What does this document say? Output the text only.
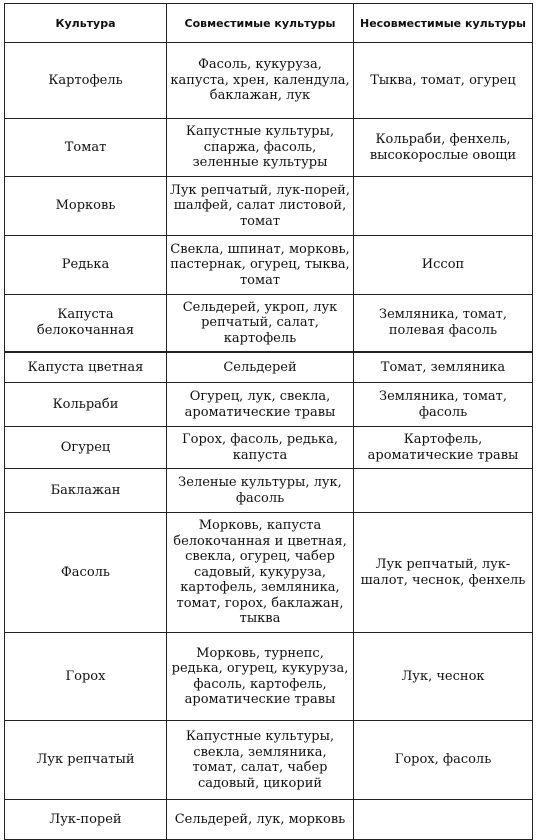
Культура	Совместимые культуры	Несовместимые культуры
Картофель	Фасоль, кукуруза, капуста, хрен, календула, баклажан, лук	Тыква, томат, огурец
Томат	Капустные культуры, спаржа, фасоль, зеленные культуры	Кольраби, фенхель, высокорослые овощи
Морковь	Лук репчатый, лук-порей, шалфей, салат листовой, томат	
Редька	Свекла, шпинат, морковь, пастернак, огурец, тыква, томат	Иссоп
Капуста белокочанная	Сельдерей, укроп, лук репчатый, салат, картофель	Земляника, томат, полевая фасоль
Капуста цветная	Сельдерей	Томат, земляника
Кольраби	Огурец, лук, свекла, ароматические травы	Земляника, томат, фасоль
Огурец	Горох, фасоль, редька, капуста	Картофель, ароматические травы
Баклажан	Зеленые культуры, лук, фасоль	
Фасоль	Морковь, капуста белокочанная и цветная, свекла, огурец, чабер садовый, кукуруза, картофель, земляника, томат, горох, баклажан, тыква	Лук репчатый, лук-шалот, чеснок, фенхель
Горох	Морковь, турнепс, редька, огурец, кукуруза, фасоль, картофель, ароматические травы	Лук, чеснок
Лук репчатый	Капустные культуры, свекла, земляника, томат, салат, чабер садовый, цикорий	Горох, фасоль
Лук-порей	Сельдерей, лук, морковь	
